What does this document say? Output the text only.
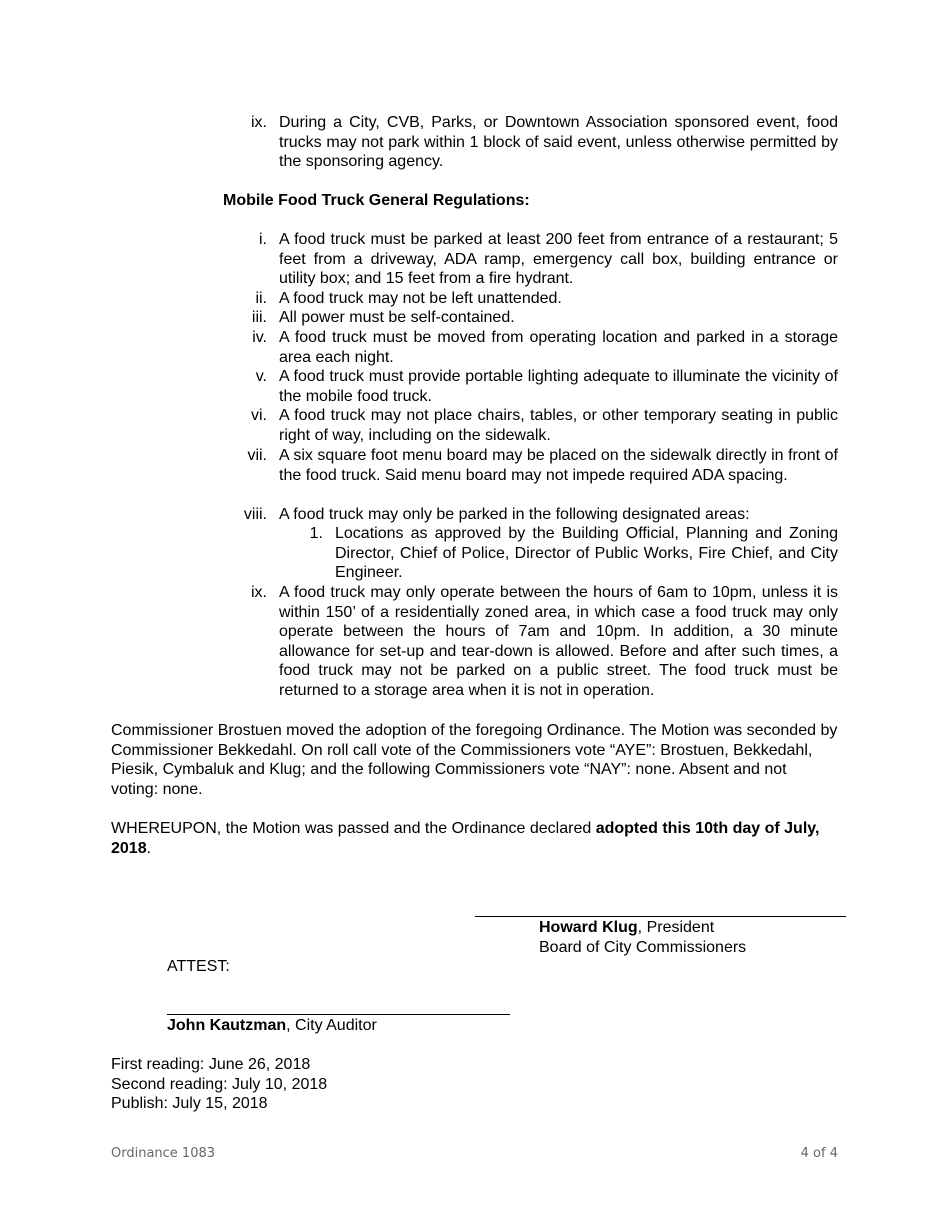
ix. During a City, CVB, Parks, or Downtown Association sponsored event, food trucks may not park within 1 block of said event, unless otherwise permitted by the sponsoring agency.
Mobile Food Truck General Regulations:
i. A food truck must be parked at least 200 feet from entrance of a restaurant; 5 feet from a driveway, ADA ramp, emergency call box, building entrance or utility box; and 15 feet from a fire hydrant.
ii. A food truck may not be left unattended.
iii. All power must be self-contained.
iv. A food truck must be moved from operating location and parked in a storage area each night.
v. A food truck must provide portable lighting adequate to illuminate the vicinity of the mobile food truck.
vi. A food truck may not place chairs, tables, or other temporary seating in public right of way, including on the sidewalk.
vii. A six square foot menu board may be placed on the sidewalk directly in front of the food truck. Said menu board may not impede required ADA spacing.
viii. A food truck may only be parked in the following designated areas:
1. Locations as approved by the Building Official, Planning and Zoning Director, Chief of Police, Director of Public Works, Fire Chief, and City Engineer.
ix. A food truck may only operate between the hours of 6am to 10pm, unless it is within 150’ of a residentially zoned area, in which case a food truck may only operate between the hours of 7am and 10pm. In addition, a 30 minute allowance for set-up and tear-down is allowed. Before and after such times, a food truck may not be parked on a public street. The food truck must be returned to a storage area when it is not in operation.
Commissioner Brostuen moved the adoption of the foregoing Ordinance. The Motion was seconded by Commissioner Bekkedahl. On roll call vote of the Commissioners vote “AYE”: Brostuen, Bekkedahl, Piesik, Cymbaluk and Klug; and the following Commissioners vote “NAY”: none. Absent and not voting: none.
WHEREUPON, the Motion was passed and the Ordinance declared adopted this 10th day of July, 2018.
Howard Klug, President
Board of City Commissioners
ATTEST:
John Kautzman, City Auditor
First reading: June 26, 2018
Second reading: July 10, 2018
Publish: July 15, 2018
Ordinance 1083	4 of 4
